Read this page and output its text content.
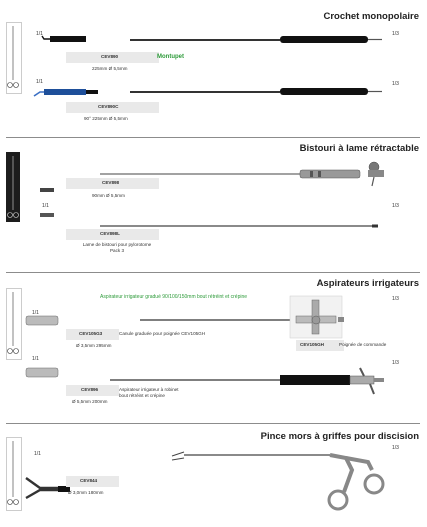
Crochet monopolaire
Bistouri à lame rétractable
Aspirateurs irrigateurs
Pince mors à griffes pour discision
1/1
1/1
1/3
1/3
1/1	1/3
1/1
1/3
1/1
1/3
1/1
1/3
CEV890
225mm Ø 5,5mm
Montupet
CEV890C
90° 225mm Ø 5,5mm
CEV898
90mm Ø 5,5mm
CEV898L
Lame de bistouri pour pylorotome
Pack 3
Aspirateur irrigateur gradué 90/100/150mm bout rétréint et crépine
CEV105G3
Ø 3,5mm 295mm
Canule graduée pour poignée CEV105GH
CEV105GH	Poignée de commande
CEV896
Ø 5,5mm 200mm
Aspirateur irrigateur à robinet
bout rétréint et crépine
CEV844
Ø 3,0mm 180mm
